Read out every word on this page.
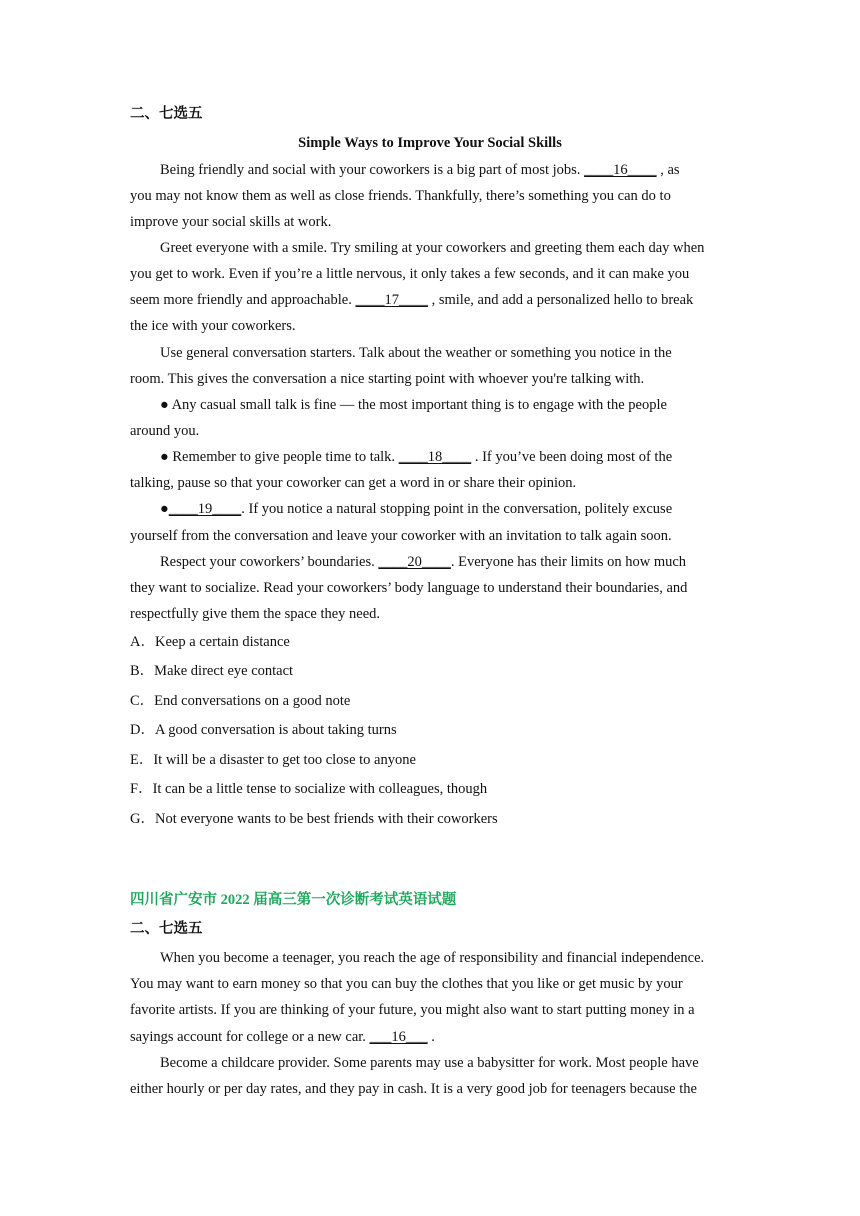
二、七选五
Simple Ways to Improve Your Social Skills
Being friendly and social with your coworkers is a big part of most jobs. ____16____ , as
you may not know them as well as close friends. Thankfully, there’s something you can do to
improve your social skills at work.
Greet everyone with a smile. Try smiling at your coworkers and greeting them each day when
you get to work. Even if you’re a little nervous, it only takes a few seconds, and it can make you
seem more friendly and approachable. ____17____ , smile, and add a personalized hello to break
the ice with your coworkers.
Use general conversation starters. Talk about the weather or something you notice in the
room. This gives the conversation a nice starting point with whoever you're talking with.
● Any casual small talk is fine — the most important thing is to engage with the people
around you.
● Remember to give people time to talk. ____18____ . If you’ve been doing most of the
talking, pause so that your coworker can get a word in or share their opinion.
●____19____. If you notice a natural stopping point in the conversation, politely excuse
yourself from the conversation and leave your coworker with an invitation to talk again soon.
Respect your coworkers’ boundaries. ____20____. Everyone has their limits on how much
they want to socialize. Read your coworkers’ body language to understand their boundaries, and
respectfully give them the space they need.
A．Keep a certain distance
B．Make direct eye contact
C．End conversations on a good note
D．A good conversation is about taking turns
E．It will be a disaster to get too close to anyone
F．It can be a little tense to socialize with colleagues, though
G．Not everyone wants to be best friends with their coworkers
四川省广安市 2022 届高三第一次诊断考试英语试题
二、七选五
When you become a teenager, you reach the age of responsibility and financial independence.
You may want to earn money so that you can buy the clothes that you like or get music by your
favorite artists. If you are thinking of your future, you might also want to start putting money in a
sayings account for college or a new car. ___16___ .
Become a childcare provider. Some parents may use a babysitter for work. Most people have
either hourly or per day rates, and they pay in cash. It is a very good job for teenagers because the
